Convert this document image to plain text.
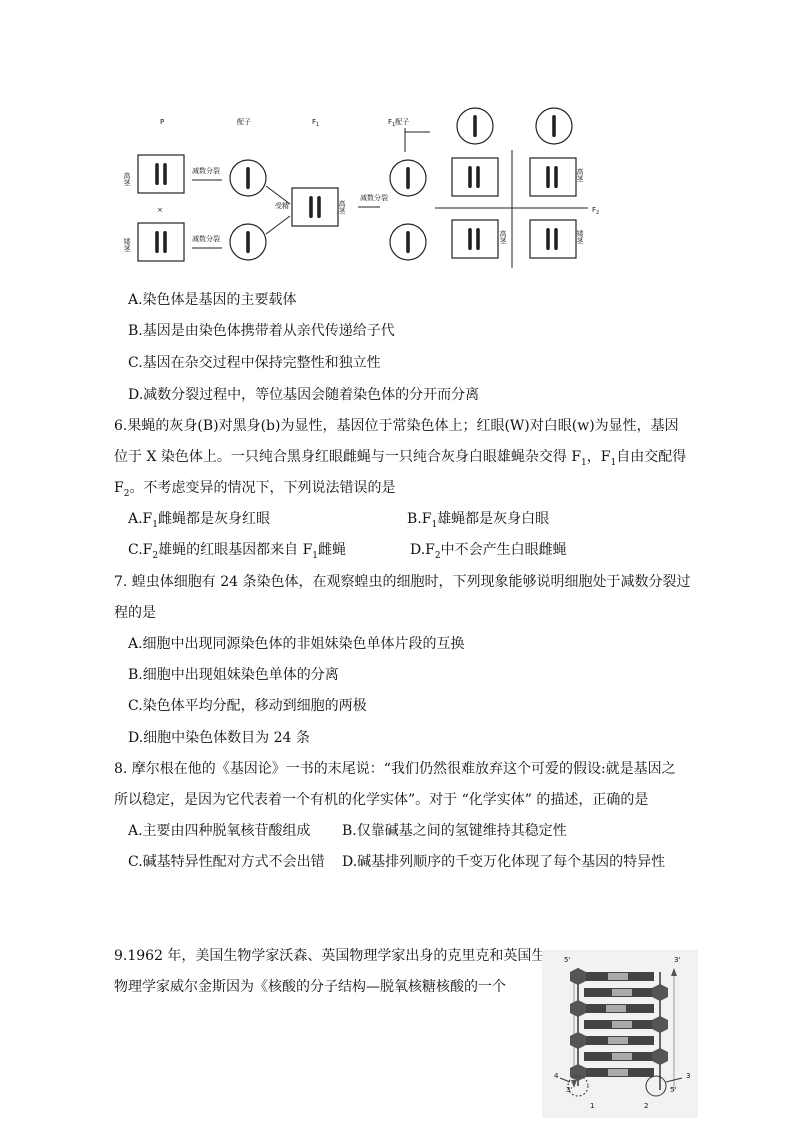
P	配子	$F_1$	$F_1$配子
高茎
×
矮茎
减数分裂
减数分裂
受精	高茎
减数分裂
$F_2$
高茎
高茎	矮茎
A.染色体是基因的主要载体
B.基因是由染色体携带着从亲代传递给子代
C.基因在杂交过程中保持完整性和独立性
D.减数分裂过程中，等位基因会随着染色体的分开而分离
6.果蝇的灰身(B)对黑身(b)为显性，基因位于常染色体上；红眼(W)对白眼(w)为显性，基因
位于 X 染色体上。一只纯合黑身红眼雌蝇与一只纯合灰身白眼雄蝇杂交得 $F_1$，$F_1$自由交配得
$F_2$。不考虑变异的情况下，下列说法错误的是
$A.F_1$雌蝇都是灰身红眼	$B.F_1$雄蝇都是灰身白眼
$C.F_2$雄蝇的红眼基因都来自 $F_1$雌蝇	$D.F_2$中不会产生白眼雌蝇
7. 蝗虫体细胞有 24 条染色体，在观察蝗虫的细胞时，下列现象能够说明细胞处于减数分裂过
程的是
A.细胞中出现同源染色体的非姐妹染色单体片段的互换
B.细胞中出现姐妹染色单体的分离
C.染色体平均分配，移动到细胞的两极
D.细胞中染色体数目为 24 条
8. 摩尔根在他的《基因论》一书的末尾说：“我们仍然很难放弃这个可爱的假设:就是基因之
所以稳定，是因为它代表着一个有机的化学实体”。对于 “化学实体” 的描述，正确的是
A.主要由四种脱氧核苷酸组成 B.仅靠碱基之间的氢键维持其稳定性
C.碱基特异性配对方式不会出错 D.碱基排列顺序的千变万化体现了每个基因的特异性
9.1962 年，美国生物学家沃森、英国物理学家出身的克里克和英国生
物理学家威尔金斯因为《核酸的分子结构—脱氧核糖核酸的一个
5'	3'
4
3'
3
5'
1	2
